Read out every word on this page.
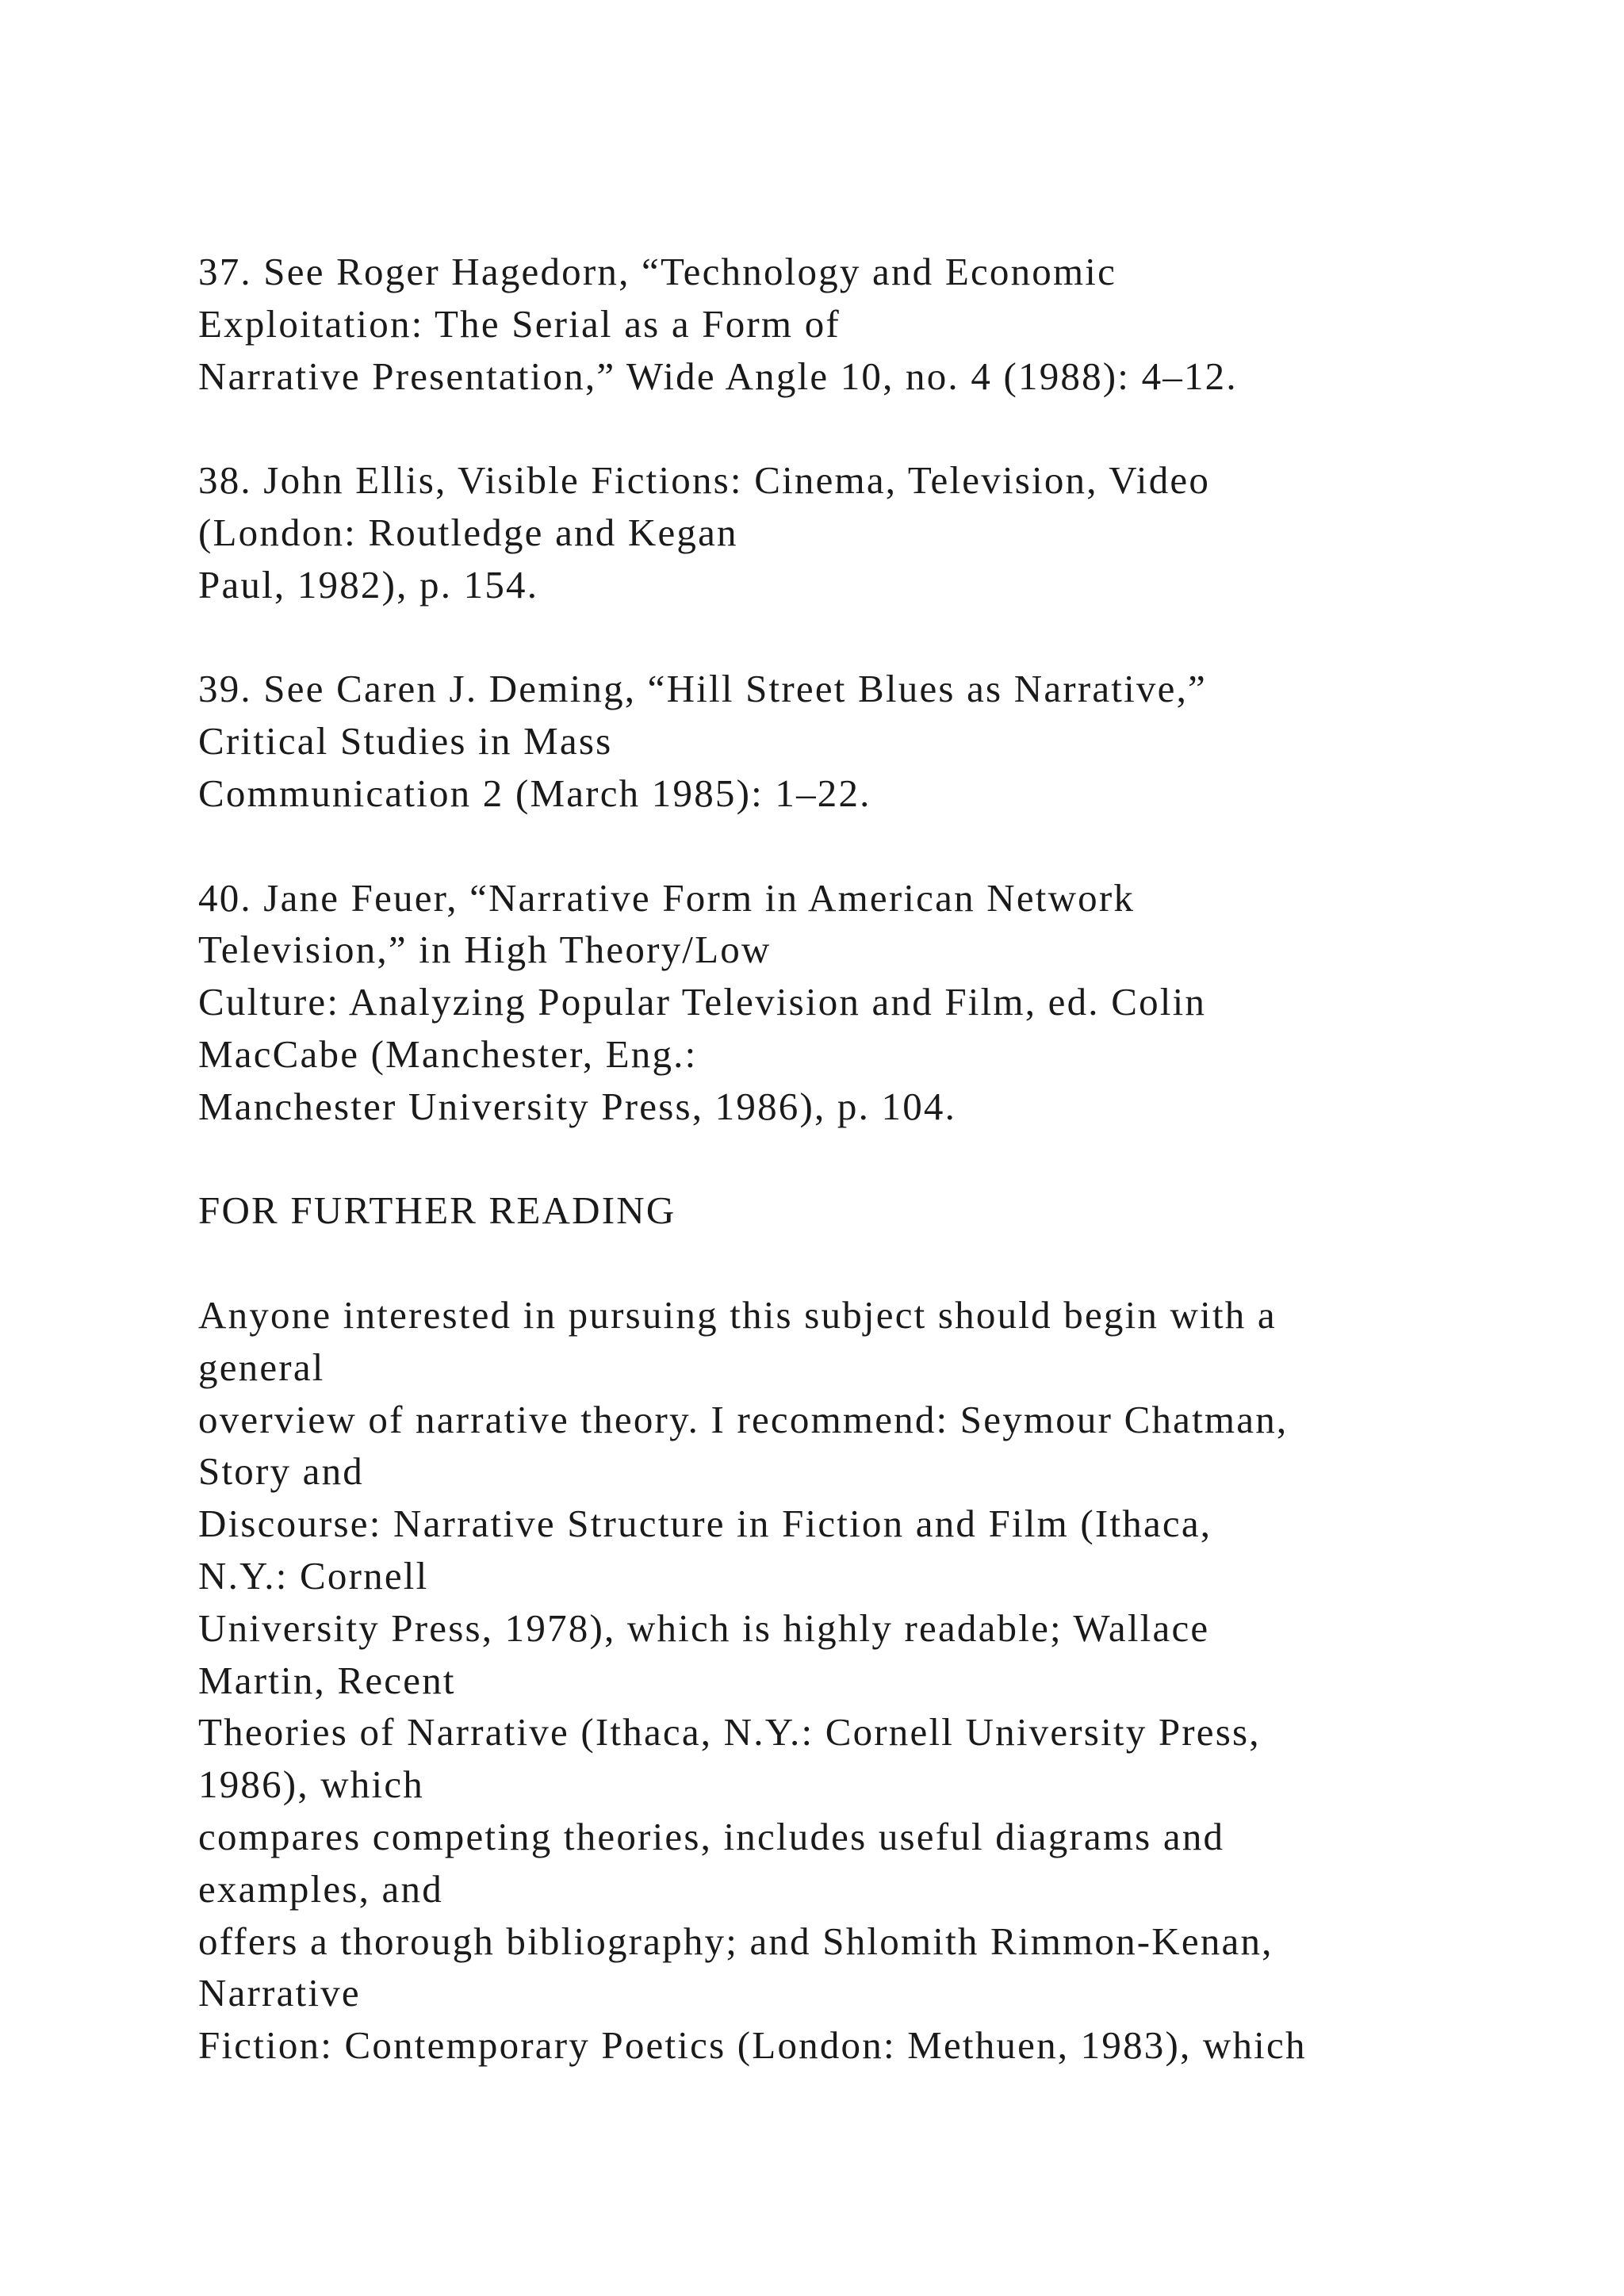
37. See Roger Hagedorn, “Technology and Economic
Exploitation: The Serial as a Form of
Narrative Presentation,” Wide Angle 10, no. 4 (1988): 4–12.
38. John Ellis, Visible Fictions: Cinema, Television, Video
(London: Routledge and Kegan
Paul, 1982), p. 154.
39. See Caren J. Deming, “Hill Street Blues as Narrative,”
Critical Studies in Mass
Communication 2 (March 1985): 1–22.
40. Jane Feuer, “Narrative Form in American Network
Television,” in High Theory/Low
Culture: Analyzing Popular Television and Film, ed. Colin
MacCabe (Manchester, Eng.:
Manchester University Press, 1986), p. 104.
FOR FURTHER READING
Anyone interested in pursuing this subject should begin with a
general
overview of narrative theory. I recommend: Seymour Chatman,
Story and
Discourse: Narrative Structure in Fiction and Film (Ithaca,
N.Y.: Cornell
University Press, 1978), which is highly readable; Wallace
Martin, Recent
Theories of Narrative (Ithaca, N.Y.: Cornell University Press,
1986), which
compares competing theories, includes useful diagrams and
examples, and
offers a thorough bibliography; and Shlomith Rimmon-Kenan,
Narrative
Fiction: Contemporary Poetics (London: Methuen, 1983), which
